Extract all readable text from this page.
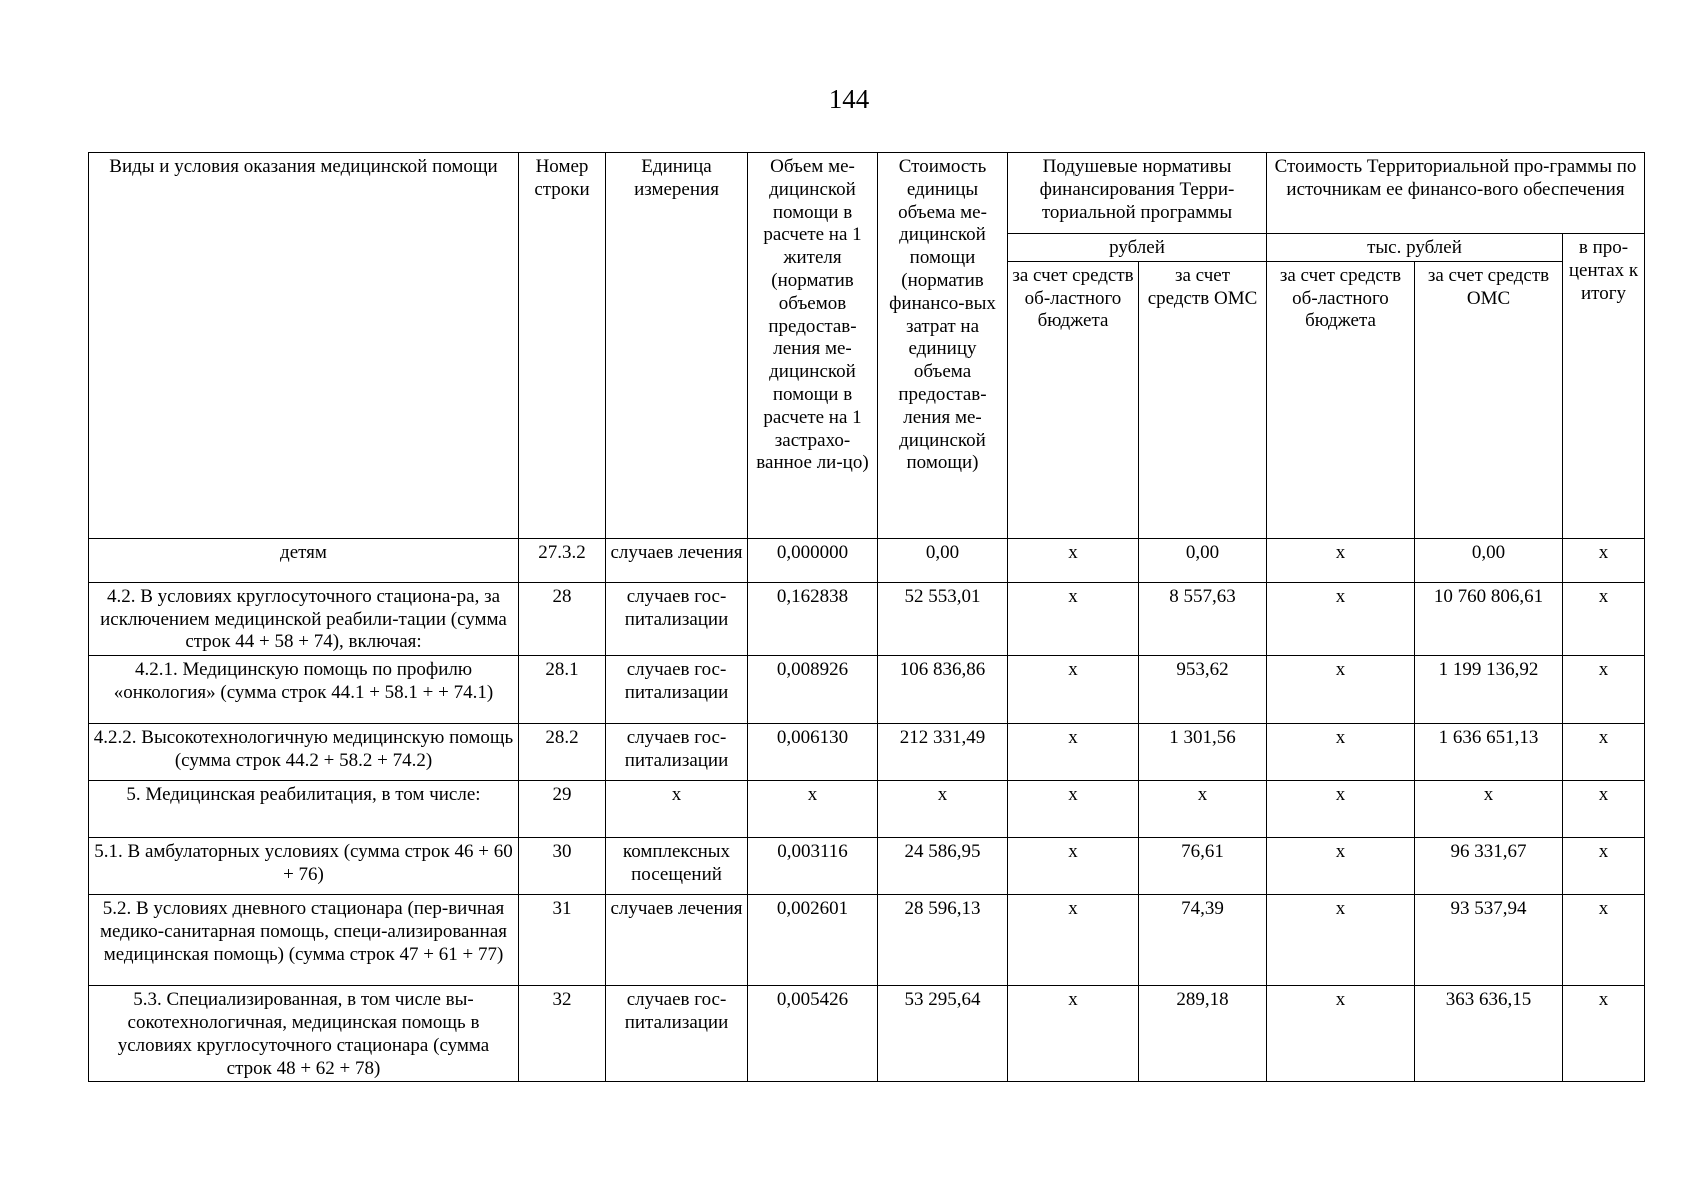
144
Виды и условия оказания медицинской помощи	Номер строки	Единица измерения	Объем ме-дицинской помощи в расчете на 1 жителя (норматив объемов предостав-ления ме-дицинской помощи в расчете на 1 застрахо-ванное ли-цо)	Стоимость единицы объема ме-дицинской помощи (норматив финансо-вых затрат на единицу объема предостав-ления ме-дицинской помощи)	Подушевые нормативы финансирования Терри-ториальной программы		Стоимость Территориальной про-граммы по источникам ее финансо-вого обеспечения		
					рублей		тыс. рублей		в про-центах к итогу
					за счет средств об-ластного бюджета	за счет средств ОМС	за счет средств об-ластного бюджета	за счет средств ОМС	
детям	27.3.2	случаев лечения	0,000000	0,00	х	0,00	х	0,00	х
4.2. В условиях круглосуточного стациона-ра, за исключением медицинской реабили-тации (сумма строк 44 + 58 + 74), включая:	28	случаев гос-питализации	0,162838	52 553,01	х	8 557,63	х	10 760 806,61	х
4.2.1. Медицинскую помощь по профилю «онкология» (сумма строк 44.1 + 58.1 + + 74.1)	28.1	случаев гос-питализации	0,008926	106 836,86	х	953,62	х	1 199 136,92	х
4.2.2. Высокотехнологичную медицинскую помощь (сумма строк 44.2 + 58.2 + 74.2)	28.2	случаев гос-питализации	0,006130	212 331,49	х	1 301,56	х	1 636 651,13	х
5. Медицинская реабилитация, в том числе:	29	х	х	х	х	х	х	х	х
5.1. В амбулаторных условиях (сумма строк 46 + 60 + 76)	30	комплексных посещений	0,003116	24 586,95	х	76,61	х	96 331,67	х
5.2. В условиях дневного стационара (пер-вичная медико-санитарная помощь, специ-ализированная медицинская помощь) (сумма строк 47 + 61 + 77)	31	случаев лечения	0,002601	28 596,13	х	74,39	х	93 537,94	х
5.3. Специализированная, в том числе вы-сокотехнологичная, медицинская помощь в условиях круглосуточного стационара (сумма строк 48 + 62 + 78)	32	случаев гос-питализации	0,005426	53 295,64	х	289,18	х	363 636,15	х
